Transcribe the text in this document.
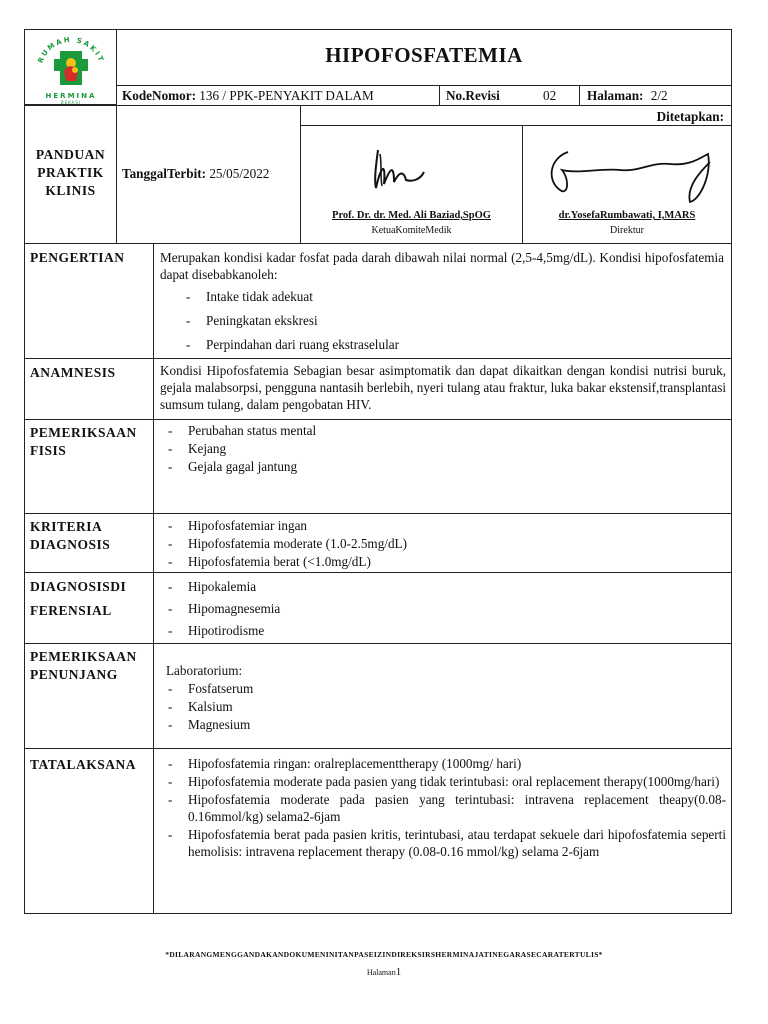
RUMAH SAKIT
HERMINA
BEKASI
HIPOFOSFATEMIA
KodeNomor: 136 / PPK-PENYAKIT DALAM	No.Revisi	02 Halaman: 2/2
PANDUAN PRAKTIK KLINIS
TanggalTerbit: 25/05/2022
Ditetapkan:
Prof. Dr. dr. Med. Ali Baziad,SpOG
KetuaKomiteMedik
dr.YosefaRumbawati, I,MARS
Direktur
PENGERTIAN	Merupakan kondisi kadar fosfat pada darah dibawah nilai normal (2,5-4,5mg/dL). Kondisi hipofosfatemia dapat disebabkanoleh:
- Intake tidak adekuat
- Peningkatan ekskresi
- Perpindahan dari ruang ekstraselular
ANAMNESIS	Kondisi Hipofosfatemia Sebagian besar asimptomatik dan dapat dikaitkan dengan kondisi nutrisi buruk, gejala malabsorpsi, pengguna nantasih berlebih, nyeri tulang atau fraktur, luka bakar ekstensif,transplantasi sumsum tulang, dalam pengobatan HIV.
PEMERIKSAAN FISIS
- Perubahan status mental
- Kejang
- Gejala gagal jantung
KRITERIA DIAGNOSIS
- Hipofosfatemiar ingan
- Hipofosfatemia moderate (1.0-2.5mg/dL)
- Hipofosfatemia berat (<1.0mg/dL)
DIAGNOSISDI
FERENSIAL
- Hipokalemia
- Hipomagnesemia
- Hipotirodisme
PEMERIKSAAN PENUNJANG	Laboratorium:
- Fosfatserum
- Kalsium
- Magnesium
TATALAKSANA
-	Hipofosfatemia ringan: oralreplacementtherapy (1000mg/ hari)
- Hipofosfatemia moderate pada pasien yang tidak terintubasi: oral replacement therapy(1000mg/hari)
- Hipofosfatemia moderate pada pasien yang terintubasi: intravena replacement theapy(0.08-0.16mmol/kg) selama2-6jam
- Hipofosfatemia berat pada pasien kritis, terintubasi, atau terdapat sekuele dari hipofosfatemia seperti hemolisis: intravena replacement therapy (0.08-0.16 mmol/kg) selama 2-6jam
*DILARANGMENGGANDAKANDOKUMENINITANPASEIZINDIREKSIRSHERMINAJATINEGARASECARATERTULIS*
Halaman1
